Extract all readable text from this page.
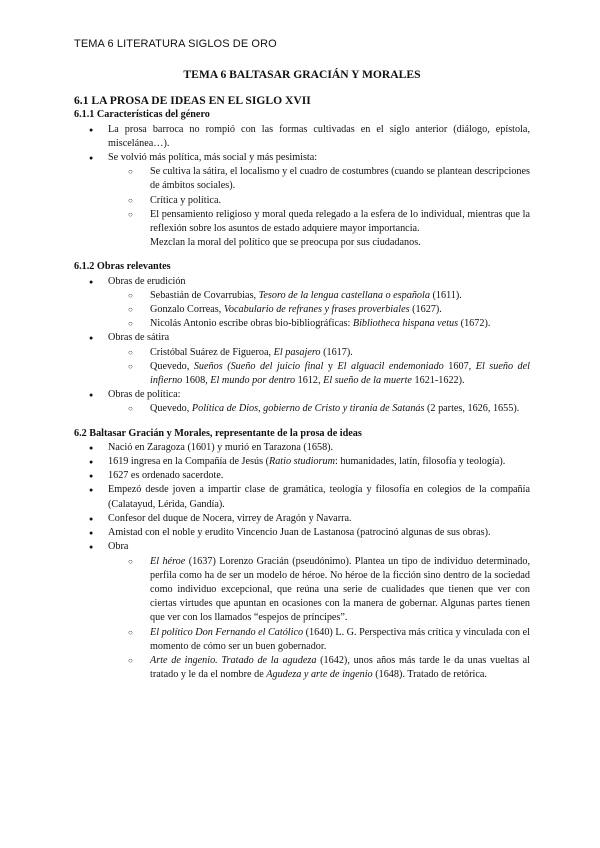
TEMA 6 LITERATURA SIGLOS DE ORO
TEMA 6 BALTASAR GRACIÁN Y MORALES
6.1 LA PROSA DE IDEAS EN EL SIGLO XVII
6.1.1 Características del género
● La prosa barroca no rompió con las formas cultivadas en el siglo anterior (diálogo, epístola, miscelánea…).
● Se volvió más política, más social y más pesimista:
○ Se cultiva la sátira, el localismo y el cuadro de costumbres (cuando se plantean descripciones de ámbitos sociales).
○ Crítica y política.
○ El pensamiento religioso y moral queda relegado a la esfera de lo individual, mientras que la reflexión sobre los asuntos de estado adquiere mayor importancia.
Mezclan la moral del político que se preocupa por sus ciudadanos.
6.1.2 Obras relevantes
● Obras de erudición
○ Sebastián de Covarrubias, Tesoro de la lengua castellana o española (1611).
○ Gonzalo Correas, Vocabulario de refranes y frases proverbiales (1627).
○ Nicolás Antonio escribe obras bio-bibliográficas: Bibliotheca hispana vetus (1672).
● Obras de sátira
○ Cristóbal Suárez de Figueroa, El pasajero (1617).
○ Quevedo, Sueños (Sueño del juicio final y El alguacil endemoniado 1607, El sueño del infierno 1608, El mundo por dentro 1612, El sueño de la muerte 1621-1622).
● Obras de política:
○ Quevedo, Política de Dios, gobierno de Cristo y tiranía de Satanás (2 partes, 1626, 1655).
6.2 Baltasar Gracián y Morales, representante de la prosa de ideas
● Nació en Zaragoza (1601) y murió en Tarazona (1658).
● 1619 ingresa en la Compañía de Jesús (Ratio studiorum: humanidades, latín, filosofía y teología).
● 1627 es ordenado sacerdote.
● Empezó desde joven a impartir clase de gramática, teología y filosofía en colegios de la compañía (Calatayud, Lérida, Gandía).
● Confesor del duque de Nocera, virrey de Aragón y Navarra.
● Amistad con el noble y erudito Vincencio Juan de Lastanosa (patrocinó algunas de sus obras).
● Obra
○ El héroe (1637) Lorenzo Gracián (pseudónimo). Plantea un tipo de individuo determinado, perfila como ha de ser un modelo de héroe. No héroe de la ficción sino dentro de la sociedad como individuo excepcional, que reúna una serie de cualidades que tienen que ver con ciertas virtudes que apuntan en ocasiones con la manera de gobernar. Algunas partes tienen que ver con los llamados “espejos de príncipes”.
○ El político Don Fernando el Católico (1640) L. G. Perspectiva más crítica y vinculada con el momento de cómo ser un buen gobernador.
○ Arte de ingenio. Tratado de la agudeza (1642), unos años más tarde le da unas vueltas al tratado y le da el nombre de Agudeza y arte de ingenio (1648). Tratado de retórica.
